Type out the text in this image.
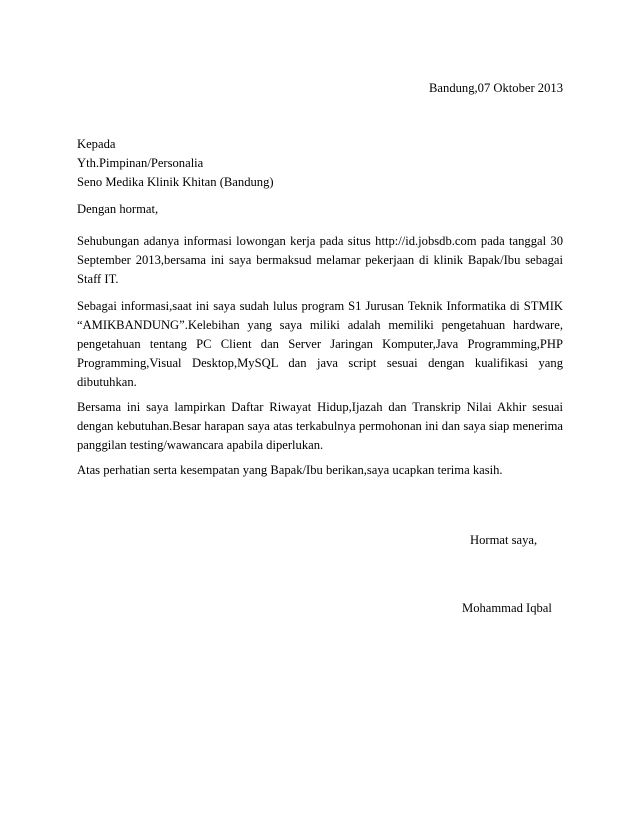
Bandung,07 Oktober 2013
Kepada
Yth.Pimpinan/Personalia
Seno Medika Klinik Khitan (Bandung)
Dengan hormat,

Sehubungan adanya informasi lowongan kerja pada situs http://id.jobsdb.com pada tanggal 30 September 2013,bersama ini saya bermaksud melamar pekerjaan di klinik Bapak/Ibu sebagai Staff IT.

Sebagai informasi,saat ini saya sudah lulus program S1 Jurusan Teknik Informatika di STMIK “AMIKBANDUNG”.Kelebihan yang saya miliki adalah memiliki pengetahuan hardware, pengetahuan tentang PC Client dan Server Jaringan Komputer,Java Programming,PHP Programming,Visual Desktop,MySQL dan java script sesuai dengan kualifikasi yang dibutuhkan.

Bersama ini saya lampirkan Daftar Riwayat Hidup,Ijazah dan Transkrip Nilai Akhir sesuai dengan kebutuhan.Besar harapan saya atas terkabulnya permohonan ini dan saya siap menerima panggilan testing/wawancara apabila diperlukan.

Atas perhatian serta kesempatan yang Bapak/Ibu berikan,saya ucapkan terima kasih.

Hormat saya,
Mohammad Iqbal
